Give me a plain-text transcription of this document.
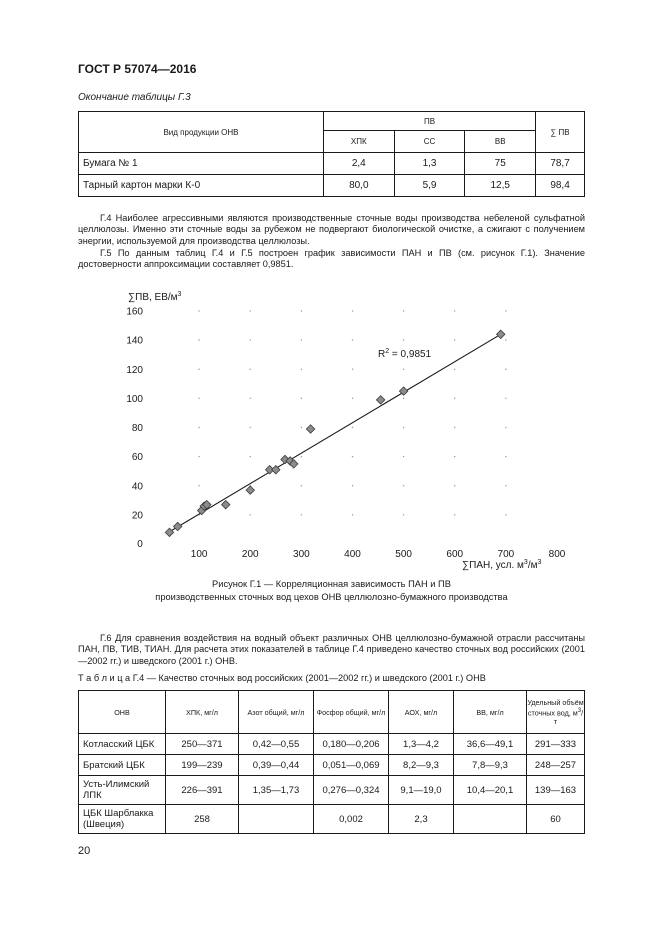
ГОСТ Р 57074—2016
Окончание таблицы Г.3
Вид продукции ОНВ	ПВ			∑ ПВ
	ХПК	СС	ВВ	
Бумага № 1	2,4	1,3	75	78,7
Тарный картон марки К-0	80,0	5,9	12,5	98,4
Г.4 Наиболее агрессивными являются производственные сточные воды производства небеленой сульфатной целлюлозы. Именно эти сточные воды за рубежом не подвергают биологической очистке, а сжигают с получением энергии, используемой для производства целлюлозы.
Г.5 По данным таблиц Г.4 и Г.5 построен график зависимости ПАН и ПВ (см. рисунок Г.1). Значение достоверности аппроксимации составляет 0,9851.
0
100	200	300	400	500	600	700	800
20
40
60
80
100
120
140
160
∑ПВ, $ЕВ/м^3$
∑ПАН, усл. $м^3/м^3$
$R^2 = 0,9851$
Рисунок Г.1 — Корреляционная зависимость ПАН и ПВ
производственных сточных вод цехов ОНВ целлюлозно-бумажного производства
Г.6 Для сравнения воздействия на водный объект различных ОНВ целлюлозно-бумажной отрасли рассчитаны ПАН, ПВ, ТИВ, ТИАН. Для расчета этих показателей в таблице Г.4 приведено качество сточных вод российских (2001—2002 гг.) и шведского (2001 г.) ОНВ.
Т а б л и ц а Г.4 — Качество сточных вод российских (2001—2002 гг.) и шведского (2001 г.) ОНВ
ОНВ	ХПК, мг/л	Азот общий, мг/л	Фосфор общий, мг/л	АОХ, мг/л	ВВ, мг/л	Удельный объём сточных вод, $м^3/т$
Котласский ЦБК	250—371	0,42—0,55	0,180—0,206	1,3—4,2	36,6—49,1	291—333
Братский ЦБК	199—239	0,39—0,44	0,051—0,069	8,2—9,3	7,8—9,3	248—257
Усть-Илимский ЛПК	226—391	1,35—1,73	0,276—0,324	9,1—19,0	10,4—20,1	139—163
ЦБК Шарблакка (Швеция)	258		0,002	2,3		60
20
